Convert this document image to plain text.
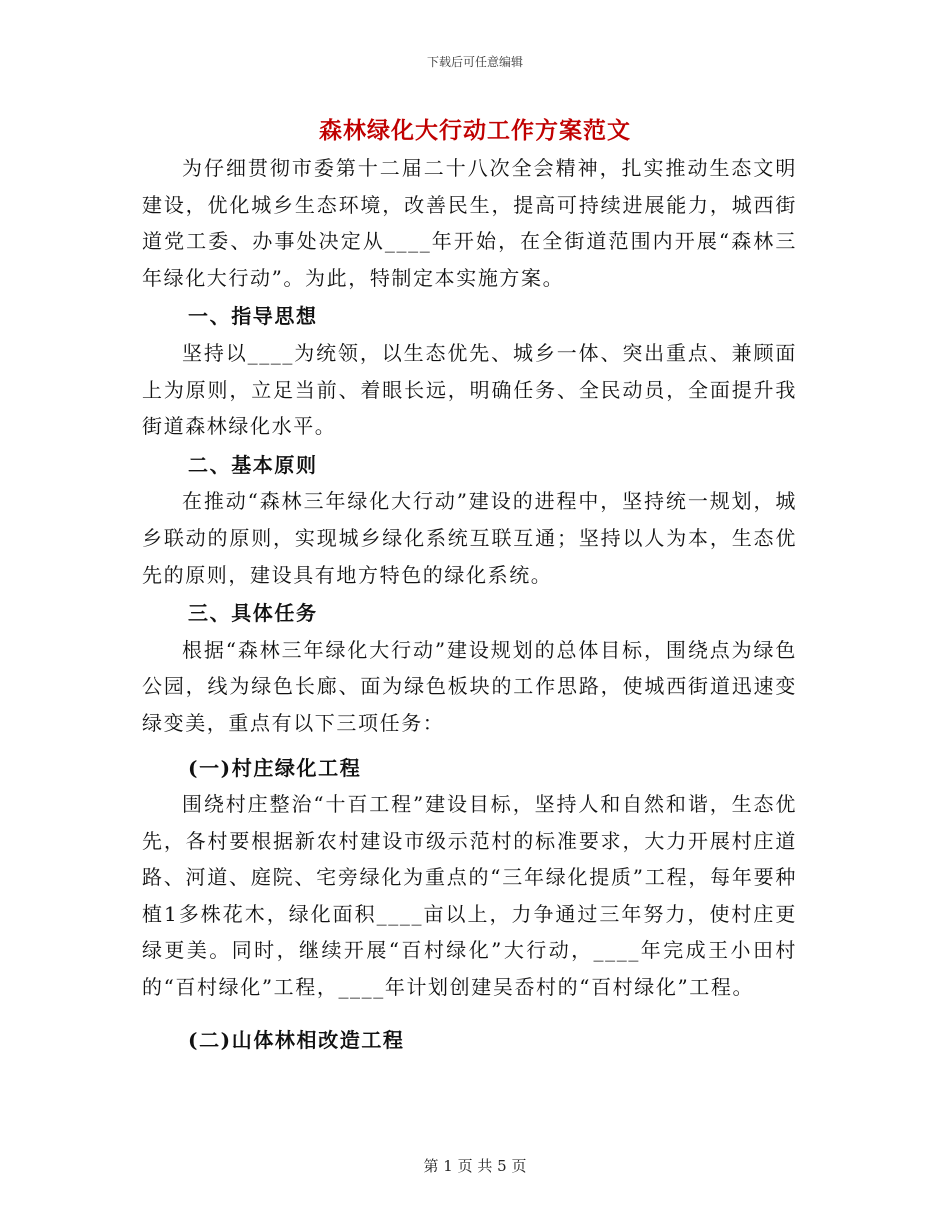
下载后可任意编辑
森林绿化大行动工作方案范文

为仔细贯彻市委第十二届二十八次全会精神，扎实推动生态文明建设，优化城乡生态环境，改善民生，提高可持续进展能力，城西街道党工委、办事处决定从____年开始，在全街道范围内开展“森林三年绿化大行动”。为此，特制定本实施方案。

一、指导思想

坚持以____为统领，以生态优先、城乡一体、突出重点、兼顾面上为原则，立足当前、着眼长远，明确任务、全民动员，全面提升我街道森林绿化水平。

二、基本原则

在推动“森林三年绿化大行动”建设的进程中，坚持统一规划，城乡联动的原则，实现城乡绿化系统互联互通；坚持以人为本，生态优先的原则，建设具有地方特色的绿化系统。

三、具体任务

根据“森林三年绿化大行动”建设规划的总体目标，围绕点为绿色公园，线为绿色长廊、面为绿色板块的工作思路，使城西街道迅速变绿变美，重点有以下三项任务：

(一)村庄绿化工程

围绕村庄整治“十百工程”建设目标，坚持人和自然和谐，生态优先，各村要根据新农村建设市级示范村的标准要求，大力开展村庄道路、河道、庭院、宅旁绿化为重点的“三年绿化提质”工程，每年要种植1多株花木，绿化面积____亩以上，力争通过三年努力，使村庄更绿更美。同时，继续开展“百村绿化”大行动，____年完成王小田村的“百村绿化”工程，____年计划创建吴岙村的“百村绿化”工程。

(二)山体林相改造工程
第 1 页 共 5 页
